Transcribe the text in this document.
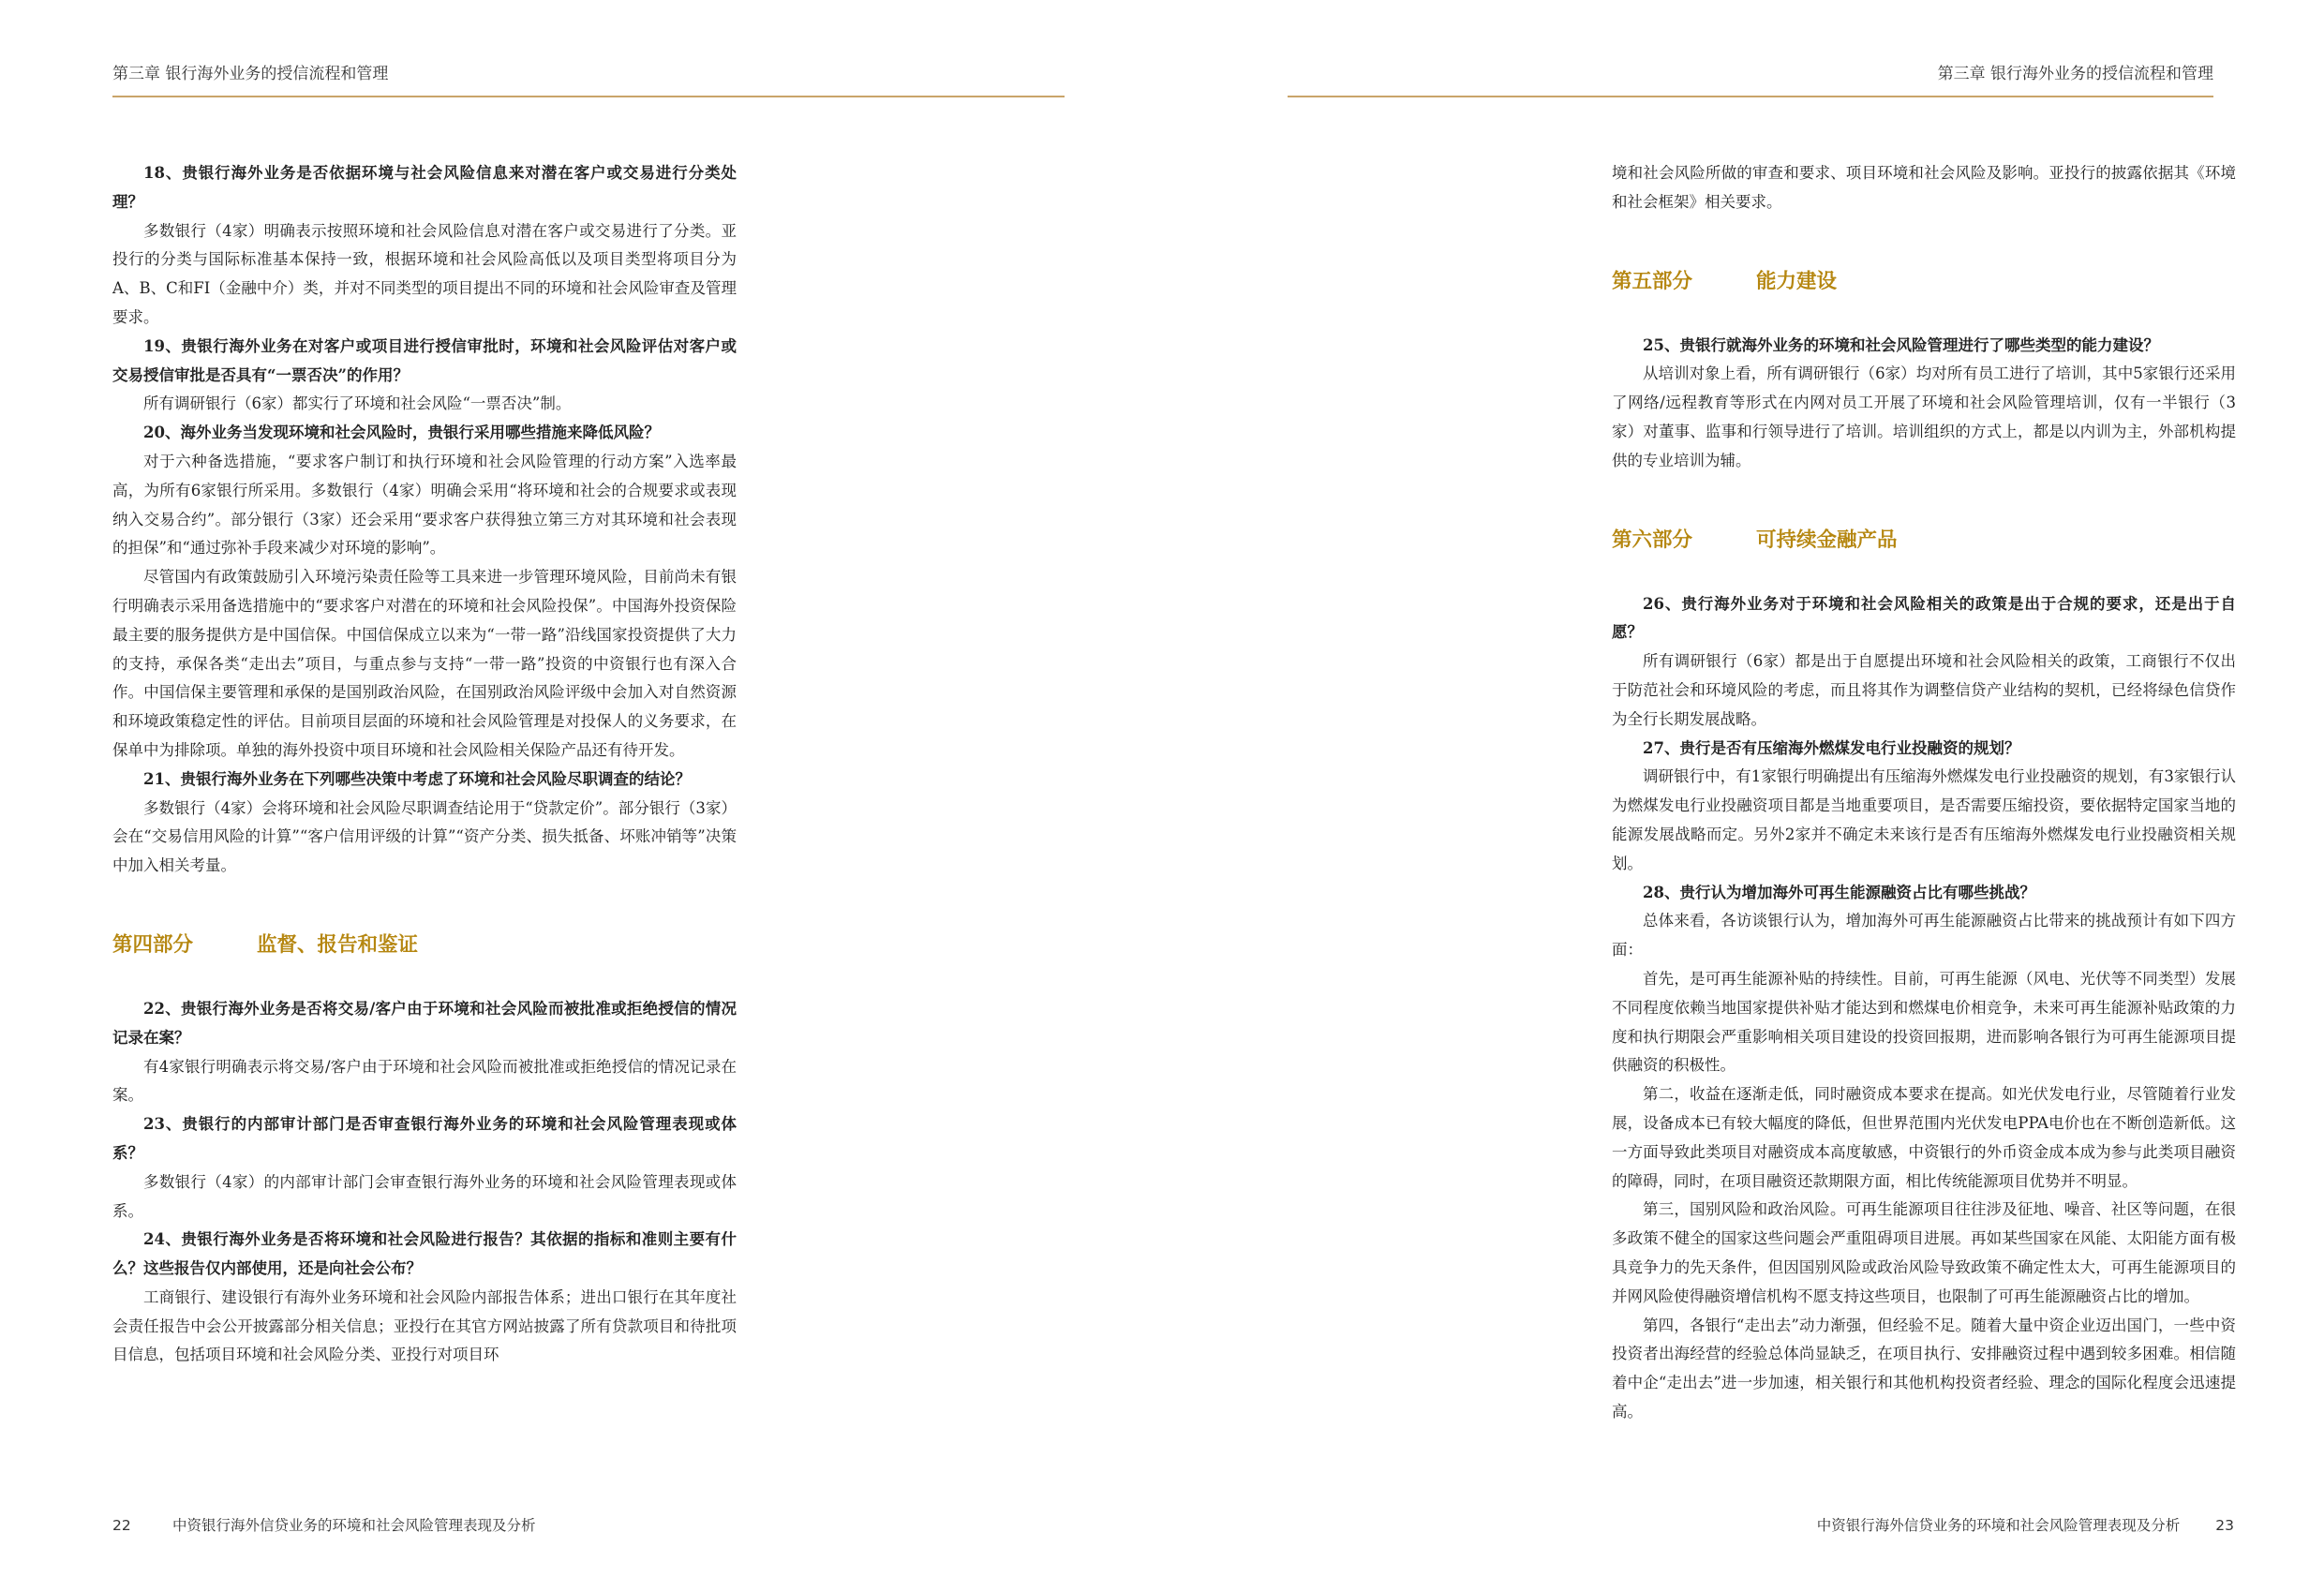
第三章 银行海外业务的授信流程和管理

18、贵银行海外业务是否依据环境与社会风险信息来对潜在客户或交易进行分类处理？

多数银行（4家）明确表示按照环境和社会风险信息对潜在客户或交易进行了分类。亚投行的分类与国际标准基本保持一致，根据环境和社会风险高低以及项目类型将项目分为A、B、C和FI（金融中介）类，并对不同类型的项目提出不同的环境和社会风险审查及管理要求。

19、贵银行海外业务在对客户或项目进行授信审批时，环境和社会风险评估对客户或交易授信审批是否具有“一票否决”的作用？

所有调研银行（6家）都实行了环境和社会风险“一票否决”制。

20、海外业务当发现环境和社会风险时，贵银行采用哪些措施来降低风险？

对于六种备选措施，“要求客户制订和执行环境和社会风险管理的行动方案”入选率最高，为所有6家银行所采用。多数银行（4家）明确会采用“将环境和社会的合规要求或表现纳入交易合约”。部分银行（3家）还会采用“要求客户获得独立第三方对其环境和社会表现的担保”和“通过弥补手段来减少对环境的影响”。

尽管国内有政策鼓励引入环境污染责任险等工具来进一步管理环境风险，目前尚未有银行明确表示采用备选措施中的“要求客户对潜在的环境和社会风险投保”。中国海外投资保险最主要的服务提供方是中国信保。中国信保成立以来为“一带一路”沿线国家投资提供了大力的支持，承保各类“走出去”项目，与重点参与支持“一带一路”投资的中资银行也有深入合作。中国信保主要管理和承保的是国别政治风险，在国别政治风险评级中会加入对自然资源和环境政策稳定性的评估。目前项目层面的环境和社会风险管理是对投保人的义务要求，在保单中为排除项。单独的海外投资中项目环境和社会风险相关保险产品还有待开发。

21、贵银行海外业务在下列哪些决策中考虑了环境和社会风险尽职调查的结论？

多数银行（4家）会将环境和社会风险尽职调查结论用于“贷款定价”。部分银行（3家）会在“交易信用风险的计算”“客户信用评级的计算”“资产分类、损失抵备、坏账冲销等”决策中加入相关考量。

第四部分	监督、报告和鉴证

22、贵银行海外业务是否将交易/客户由于环境和社会风险而被批准或拒绝授信的情况记录在案？

有4家银行明确表示将交易/客户由于环境和社会风险而被批准或拒绝授信的情况记录在案。

23、贵银行的内部审计部门是否审查银行海外业务的环境和社会风险管理表现或体系？

多数银行（4家）的内部审计部门会审查银行海外业务的环境和社会风险管理表现或体系。

24、贵银行海外业务是否将环境和社会风险进行报告？其依据的指标和准则主要有什么？这些报告仅内部使用，还是向社会公布？

工商银行、建设银行有海外业务环境和社会风险内部报告体系；进出口银行在其年度社会责任报告中会公开披露部分相关信息；亚投行在其官方网站披露了所有贷款项目和待批项目信息，包括项目环境和社会风险分类、亚投行对项目环

22	中资银行海外信贷业务的环境和社会风险管理表现及分析
第三章 银行海外业务的授信流程和管理

境和社会风险所做的审查和要求、项目环境和社会风险及影响。亚投行的披露依据其《环境和社会框架》相关要求。

第五部分	能力建设

25、贵银行就海外业务的环境和社会风险管理进行了哪些类型的能力建设？

从培训对象上看，所有调研银行（6家）均对所有员工进行了培训，其中5家银行还采用了网络/远程教育等形式在内网对员工开展了环境和社会风险管理培训，仅有一半银行（3家）对董事、监事和行领导进行了培训。培训组织的方式上，都是以内训为主，外部机构提供的专业培训为辅。

第六部分	可持续金融产品

26、贵行海外业务对于环境和社会风险相关的政策是出于合规的要求，还是出于自愿？

所有调研银行（6家）都是出于自愿提出环境和社会风险相关的政策，工商银行不仅出于防范社会和环境风险的考虑，而且将其作为调整信贷产业结构的契机，已经将绿色信贷作为全行长期发展战略。

27、贵行是否有压缩海外燃煤发电行业投融资的规划？

调研银行中，有1家银行明确提出有压缩海外燃煤发电行业投融资的规划，有3家银行认为燃煤发电行业投融资项目都是当地重要项目，是否需要压缩投资，要依据特定国家当地的能源发展战略而定。另外2家并不确定未来该行是否有压缩海外燃煤发电行业投融资相关规划。

28、贵行认为增加海外可再生能源融资占比有哪些挑战？

总体来看，各访谈银行认为，增加海外可再生能源融资占比带来的挑战预计有如下四方面：

首先，是可再生能源补贴的持续性。目前，可再生能源（风电、光伏等不同类型）发展不同程度依赖当地国家提供补贴才能达到和燃煤电价相竞争，未来可再生能源补贴政策的力度和执行期限会严重影响相关项目建设的投资回报期，进而影响各银行为可再生能源项目提供融资的积极性。

第二，收益在逐渐走低，同时融资成本要求在提高。如光伏发电行业，尽管随着行业发展，设备成本已有较大幅度的降低，但世界范围内光伏发电PPA电价也在不断创造新低。这一方面导致此类项目对融资成本高度敏感，中资银行的外币资金成本成为参与此类项目融资的障碍，同时，在项目融资还款期限方面，相比传统能源项目优势并不明显。

第三，国别风险和政治风险。可再生能源项目往往涉及征地、噪音、社区等问题，在很多政策不健全的国家这些问题会严重阻碍项目进展。再如某些国家在风能、太阳能方面有极具竞争力的先天条件，但因国别风险或政治风险导致政策不确定性太大，可再生能源项目的并网风险使得融资增信机构不愿支持这些项目，也限制了可再生能源融资占比的增加。

第四，各银行“走出去”动力渐强，但经验不足。随着大量中资企业迈出国门，一些中资投资者出海经营的经验总体尚显缺乏，在项目执行、安排融资过程中遇到较多困难。相信随着中企“走出去”进一步加速，相关银行和其他机构投资者经验、理念的国际化程度会迅速提高。

中资银行海外信贷业务的环境和社会风险管理表现及分析 23
